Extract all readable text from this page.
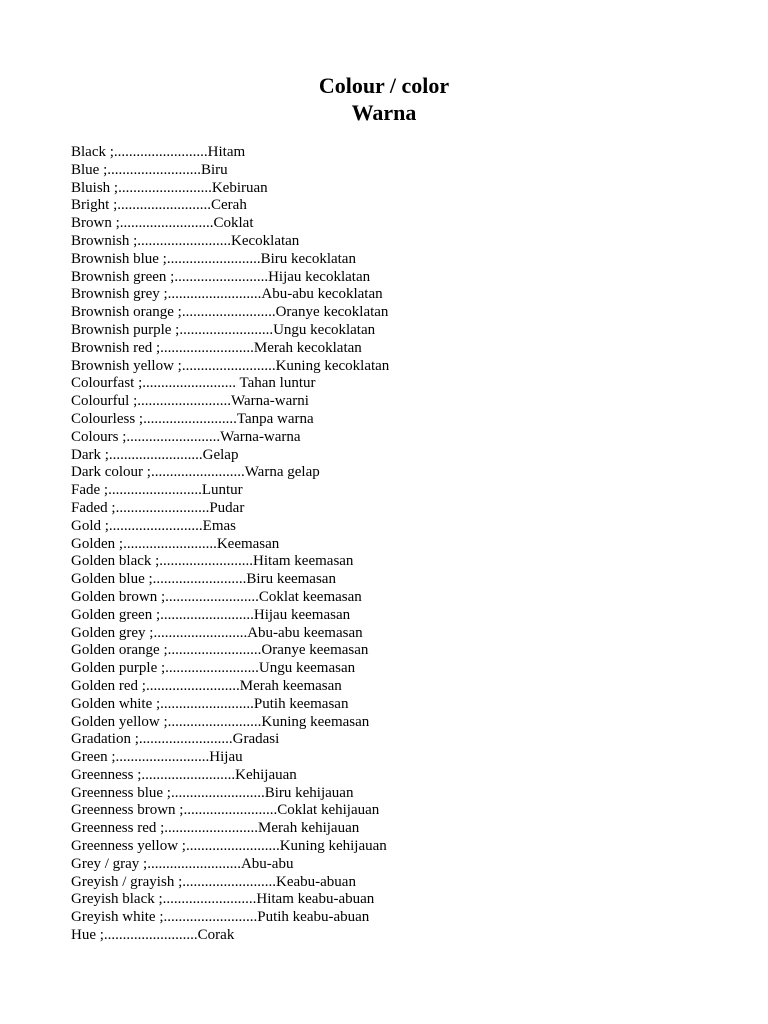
Colour / color
Warna
Black ;.........................Hitam
Blue ;.........................Biru
Bluish ;.........................Kebiruan
Bright ;.........................Cerah
Brown ;.........................Coklat
Brownish ;.........................Kecoklatan
Brownish blue ;.........................Biru kecoklatan
Brownish green ;.........................Hijau kecoklatan
Brownish grey ;.........................Abu-abu kecoklatan
Brownish orange ;.........................Oranye kecoklatan
Brownish purple ;.........................Ungu kecoklatan
Brownish red ;.........................Merah kecoklatan
Brownish yellow ;.........................Kuning kecoklatan
Colourfast ;......................... Tahan luntur
Colourful ;.........................Warna-warni
Colourless ;.........................Tanpa warna
Colours ;.........................Warna-warna
Dark ;.........................Gelap
Dark colour ;.........................Warna gelap
Fade ;.........................Luntur
Faded ;.........................Pudar
Gold ;.........................Emas
Golden ;.........................Keemasan
Golden black ;.........................Hitam keemasan
Golden blue ;.........................Biru keemasan
Golden brown ;.........................Coklat keemasan
Golden green ;.........................Hijau keemasan
Golden grey ;.........................Abu-abu keemasan
Golden orange ;.........................Oranye keemasan
Golden purple ;.........................Ungu keemasan
Golden red ;.........................Merah keemasan
Golden white ;.........................Putih keemasan
Golden yellow ;.........................Kuning keemasan
Gradation ;.........................Gradasi
Green ;.........................Hijau
Greenness ;.........................Kehijauan
Greenness blue ;.........................Biru kehijauan
Greenness brown ;.........................Coklat kehijauan
Greenness red ;.........................Merah kehijauan
Greenness yellow ;.........................Kuning kehijauan
Grey / gray ;.........................Abu-abu
Greyish / grayish ;.........................Keabu-abuan
Greyish black ;.........................Hitam keabu-abuan
Greyish white ;.........................Putih keabu-abuan
Hue ;.........................Corak
